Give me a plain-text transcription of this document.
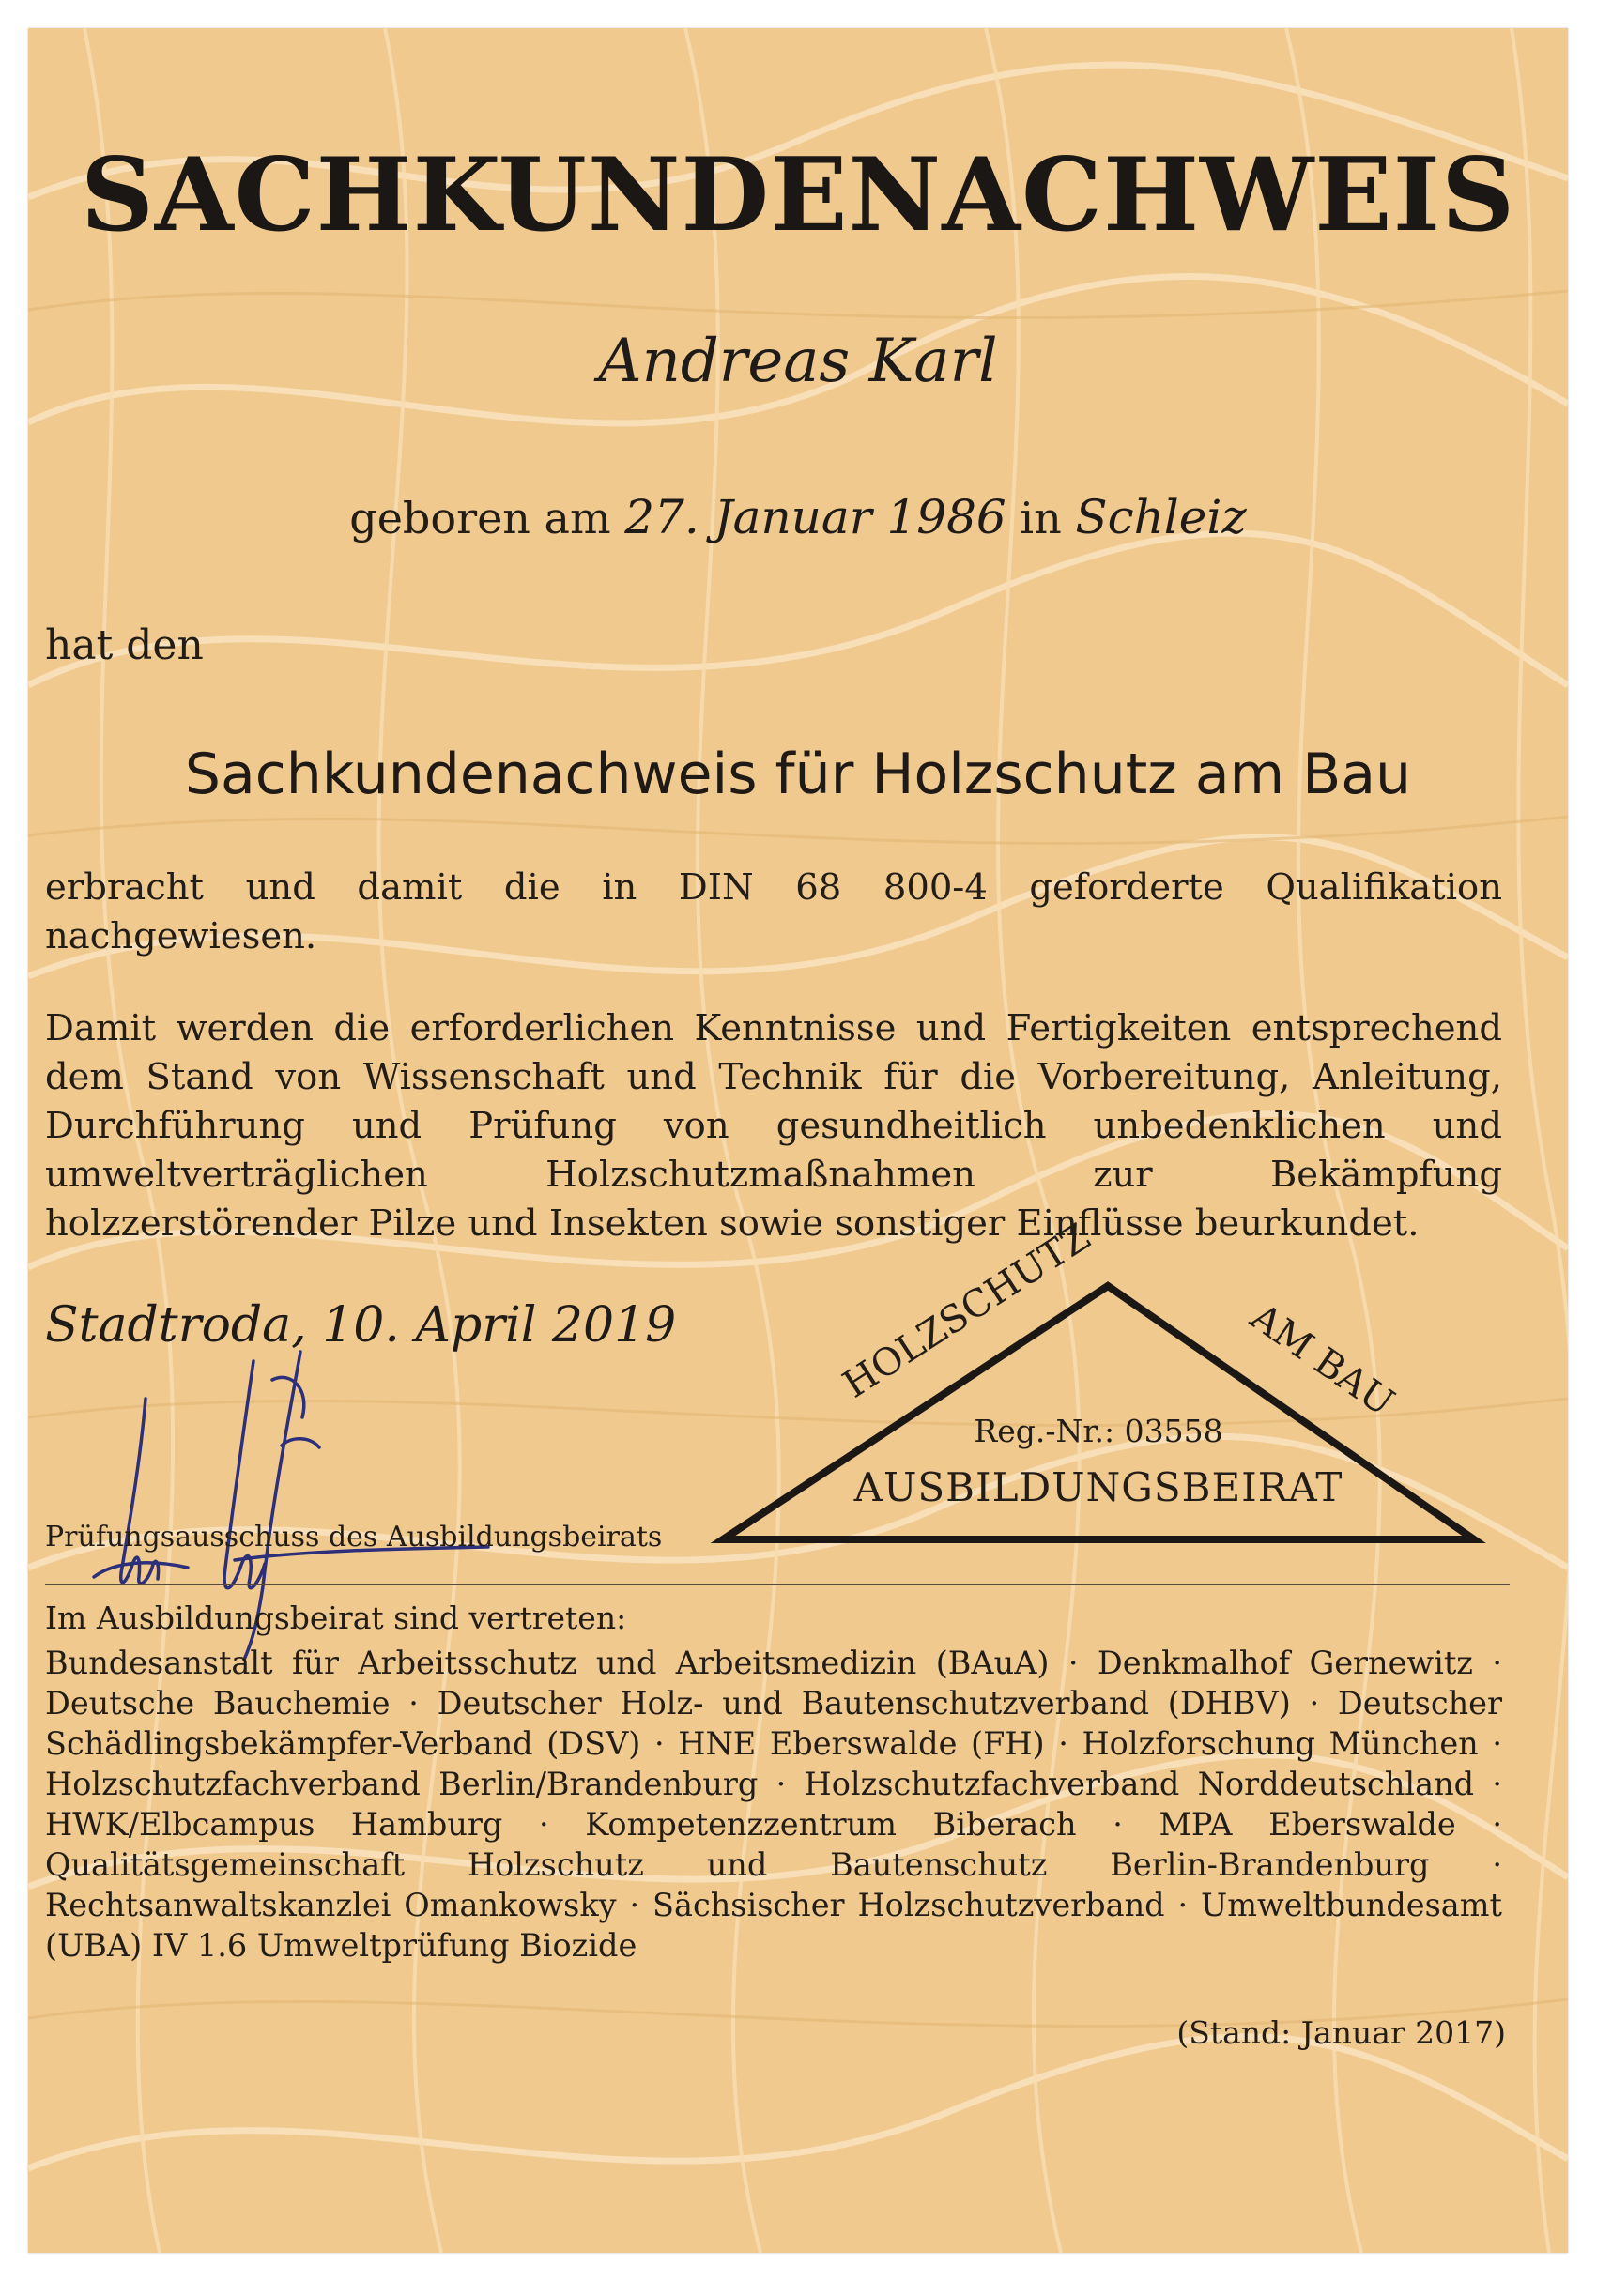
SACHKUNDENACHWEIS
Andreas Karl
geboren am 27. Januar 1986 in Schleiz
hat den
Sachkundenachweis für Holzschutz am Bau
erbracht und damit die in DIN 68 800-4 geforderte Qualifikation nachgewiesen.
Damit werden die erforderlichen Kenntnisse und Fertigkeiten entsprechend dem Stand von Wissenschaft und Technik für die Vorbereitung, Anleitung, Durchführung und Prüfung von gesundheitlich unbedenklichen und umweltverträglichen Holzschutzmaßnahmen zur Bekämpfung holzzerstörender Pilze und Insekten sowie sonstiger Einflüsse beurkundet.
Stadtroda, 10. April 2019
Prüfungsausschuss des Ausbildungsbeirats
HOLZSCHUTZ	AM BAU
Reg.-Nr.: 03558
AUSBILDUNGSBEIRAT
Im Ausbildungsbeirat sind vertreten:
Bundesanstalt für Arbeitsschutz und Arbeitsmedizin (BAuA) · Denkmalhof Gernewitz · Deutsche Bauchemie · Deutscher Holz- und Bautenschutzverband (DHBV) · Deutscher Schädlingsbekämpfer-Verband (DSV) · HNE Eberswalde (FH) · Holzforschung München · Holzschutzfachverband Berlin/Brandenburg · Holzschutzfachverband Norddeutschland · HWK/Elbcampus Hamburg · Kompetenzzentrum Biberach · MPA Eberswalde · Qualitätsgemeinschaft Holzschutz und Bautenschutz Berlin-Brandenburg · Rechtsanwaltskanzlei Omankowsky · Sächsischer Holzschutzverband · Umweltbundesamt (UBA) IV 1.6 Umweltprüfung Biozide
(Stand: Januar 2017)
